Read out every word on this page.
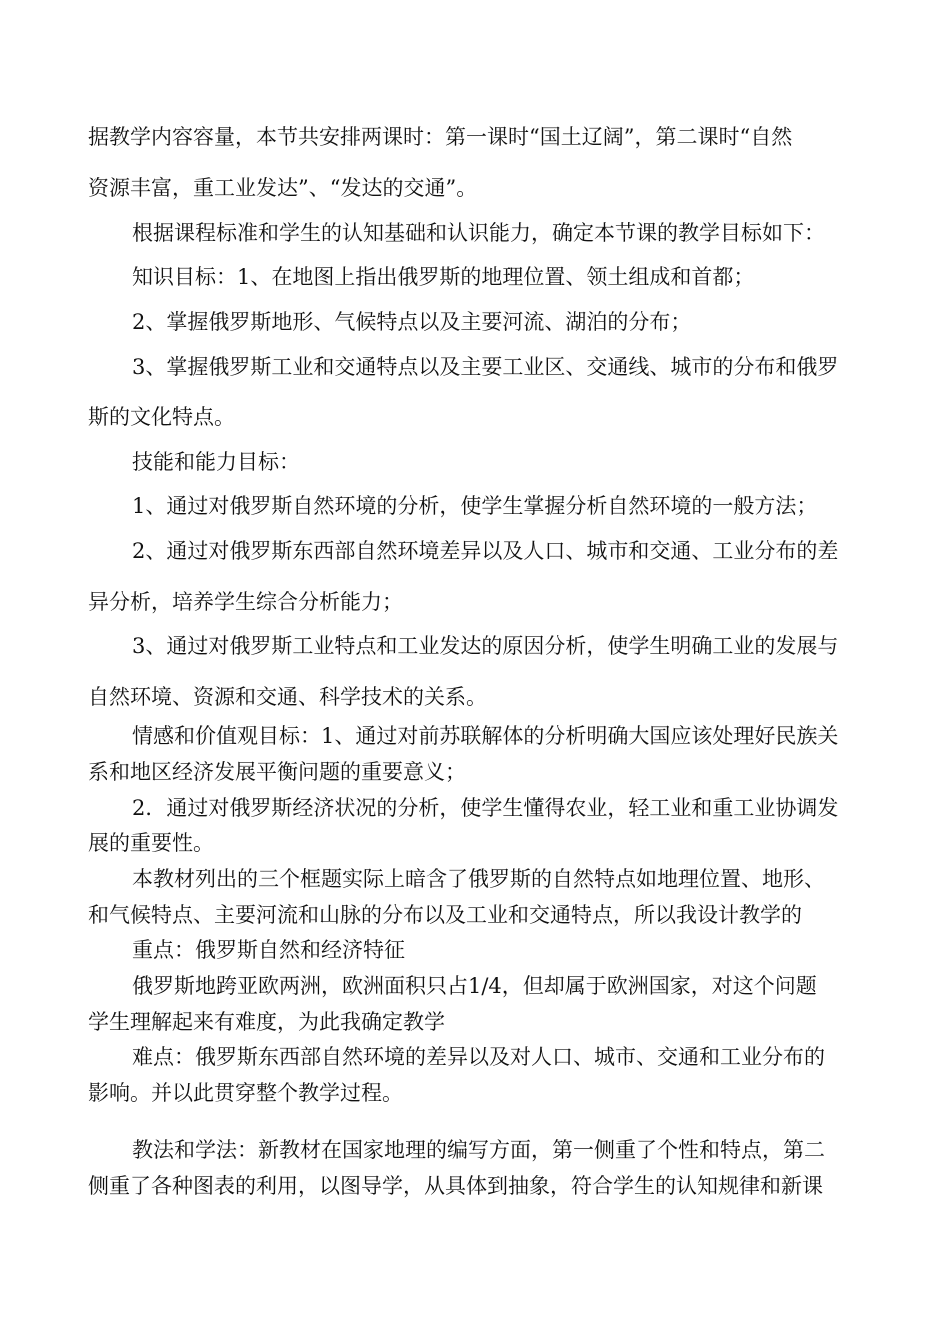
据教学内容容量，本节共安排两课时：第一课时“国土辽阔”，第二课时“自然
资源丰富，重工业发达”、“发达的交通”。
根据课程标准和学生的认知基础和认识能力，确定本节课的教学目标如下：
知识目标：1、在地图上指出俄罗斯的地理位置、领土组成和首都；
2、掌握俄罗斯地形、气候特点以及主要河流、湖泊的分布；
3、掌握俄罗斯工业和交通特点以及主要工业区、交通线、城市的分布和俄罗
斯的文化特点。
技能和能力目标：
1、通过对俄罗斯自然环境的分析，使学生掌握分析自然环境的一般方法；
2、通过对俄罗斯东西部自然环境差异以及人口、城市和交通、工业分布的差
异分析，培养学生综合分析能力；
3、通过对俄罗斯工业特点和工业发达的原因分析，使学生明确工业的发展与
自然环境、资源和交通、科学技术的关系。
情感和价值观目标：1、通过对前苏联解体的分析明确大国应该处理好民族关
系和地区经济发展平衡问题的重要意义；
2．通过对俄罗斯经济状况的分析，使学生懂得农业，轻工业和重工业协调发
展的重要性。
本教材列出的三个框题实际上暗含了俄罗斯的自然特点如地理位置、地形、
和气候特点、主要河流和山脉的分布以及工业和交通特点，所以我设计教学的
重点：俄罗斯自然和经济特征
俄罗斯地跨亚欧两洲，欧洲面积只占1/4，但却属于欧洲国家，对这个问题
学生理解起来有难度，为此我确定教学
难点：俄罗斯东西部自然环境的差异以及对人口、城市、交通和工业分布的
影响。并以此贯穿整个教学过程。
教法和学法：新教材在国家地理的编写方面，第一侧重了个性和特点，第二
侧重了各种图表的利用，以图导学，从具体到抽象，符合学生的认知规律和新课
